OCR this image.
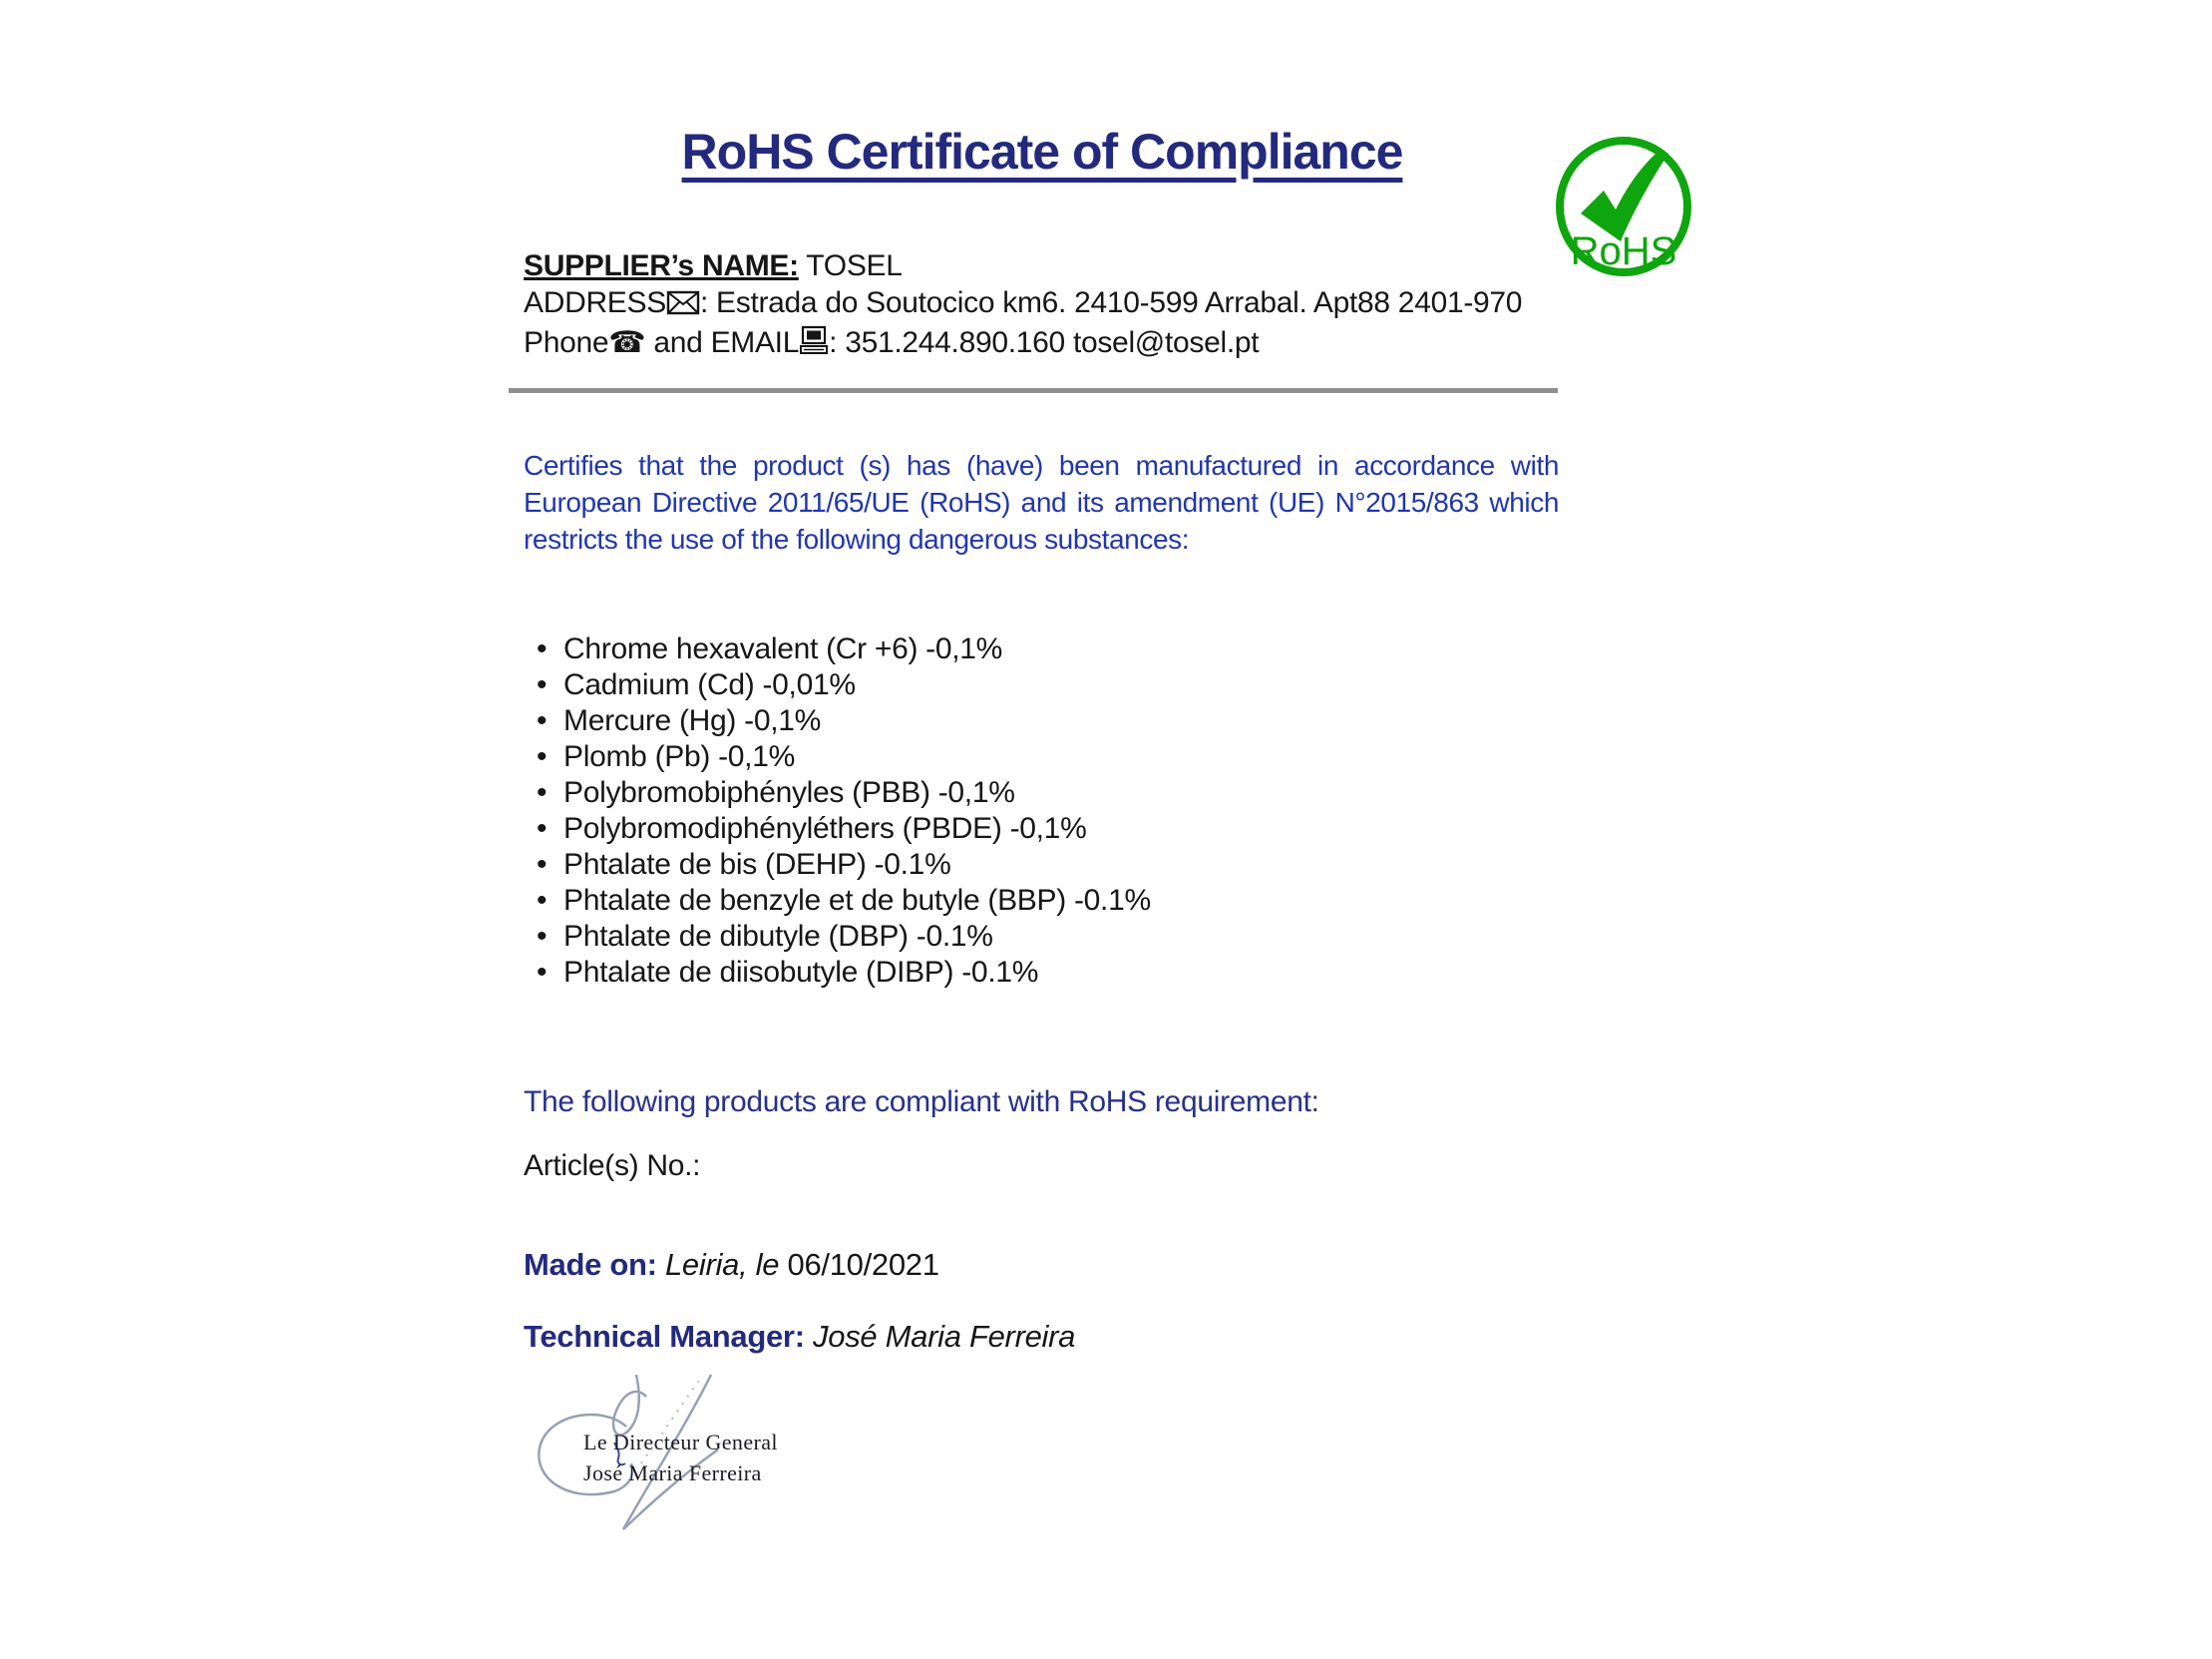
RoHS Certificate of Compliance
RoHS
SUPPLIER’s NAME: TOSEL
ADDRESS : Estrada do Soutocico km6. 2410-599 Arrabal. Apt88 2401-970
Phone☎ and EMAIL : 351.244.890.160 tosel@tosel.pt
Certifies that the product (s) has (have) been manufactured in accordance with
European Directive 2011/65/UE (RoHS) and its amendment (UE) N°2015/863 which
restricts the use of the following dangerous substances:
• Chrome hexavalent (Cr +6) -0,1%
• Cadmium (Cd) -0,01%
• Mercure (Hg) -0,1%
• Plomb (Pb) -0,1%
• Polybromobiphényles (PBB) -0,1%
• Polybromodiphényléthers (PBDE) -0,1%
• Phtalate de bis (DEHP) -0.1%
• Phtalate de benzyle et de butyle (BBP) -0.1%
• Phtalate de dibutyle (DBP) -0.1%
• Phtalate de diisobutyle (DIBP) -0.1%
The following products are compliant with RoHS requirement:
Article(s) No.:
Made on: Leiria, le 06/10/2021
Technical Manager: José Maria Ferreira
Le Directeur General
José Maria Ferreira
